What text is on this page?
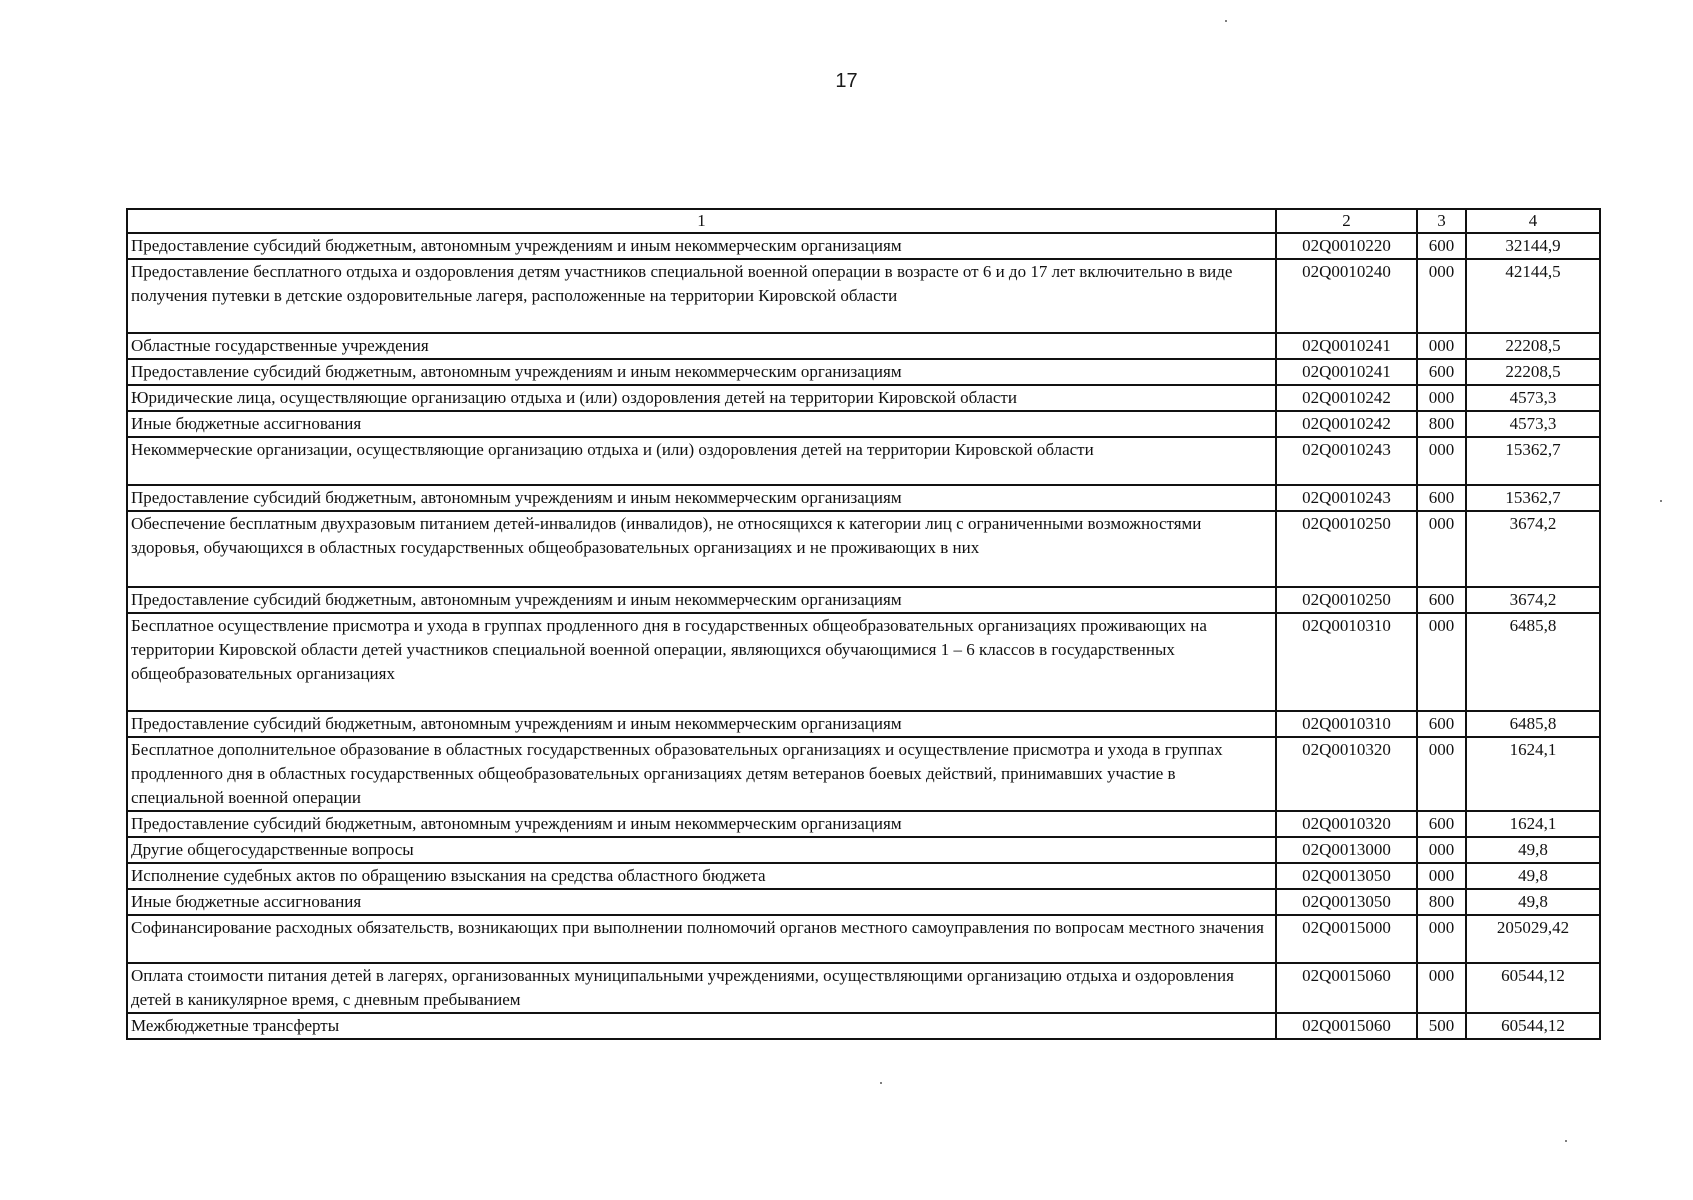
17
1	2	3	4
Предоставление субсидий бюджетным, автономным учреждениям и иным некоммерческим организациям	02Q0010220	600	32144,9
Предоставление бесплатного отдыха и оздоровления детям участников специальной военной операции в возрасте от 6 и до 17 лет включительно в виде получения путевки в детские оздоровительные лагеря, расположенные на территории Кировской области	02Q0010240	000	42144,5
Областные государственные учреждения	02Q0010241	000	22208,5
Предоставление субсидий бюджетным, автономным учреждениям и иным некоммерческим организациям	02Q0010241	600	22208,5
Юридические лица, осуществляющие организацию отдыха и (или) оздоровления детей на территории Кировской области	02Q0010242	000	4573,3
Иные бюджетные ассигнования	02Q0010242	800	4573,3
Некоммерческие организации, осуществляющие организацию отдыха и (или) оздоровления детей на территории Кировской области	02Q0010243	000	15362,7
Предоставление субсидий бюджетным, автономным учреждениям и иным некоммерческим организациям	02Q0010243	600	15362,7
Обеспечение бесплатным двухразовым питанием детей-инвалидов (инвалидов), не относящихся к категории лиц с ограниченными возможностями здоровья, обучающихся в областных государственных общеобразовательных организациях и не проживающих в них	02Q0010250	000	3674,2
Предоставление субсидий бюджетным, автономным учреждениям и иным некоммерческим организациям	02Q0010250	600	3674,2
Бесплатное осуществление присмотра и ухода в группах продленного дня в государственных общеобразовательных организациях проживающих на территории Кировской области детей участников специальной военной операции, являющихся обучающимися 1 – 6 классов в государственных общеобразовательных организациях	02Q0010310	000	6485,8
Предоставление субсидий бюджетным, автономным учреждениям и иным некоммерческим организациям	02Q0010310	600	6485,8
Бесплатное дополнительное образование в областных государственных образовательных организациях и осуществление присмотра и ухода в группах продленного дня в областных государственных общеобразовательных организациях детям ветеранов боевых действий, принимавших участие в специальной военной операции	02Q0010320	000	1624,1
Предоставление субсидий бюджетным, автономным учреждениям и иным некоммерческим организациям	02Q0010320	600	1624,1
Другие общегосударственные вопросы	02Q0013000	000	49,8
Исполнение судебных актов по обращению взыскания на средства областного бюджета	02Q0013050	000	49,8
Иные бюджетные ассигнования	02Q0013050	800	49,8
Софинансирование расходных обязательств, возникающих при выполнении полномочий органов местного самоуправления по вопросам местного значения	02Q0015000	000	205029,42
Оплата стоимости питания детей в лагерях, организованных муниципальными учреждениями, осуществляющими организацию отдыха и оздоровления детей в каникулярное время, с дневным пребыванием	02Q0015060	000	60544,12
Межбюджетные трансферты	02Q0015060	500	60544,12
